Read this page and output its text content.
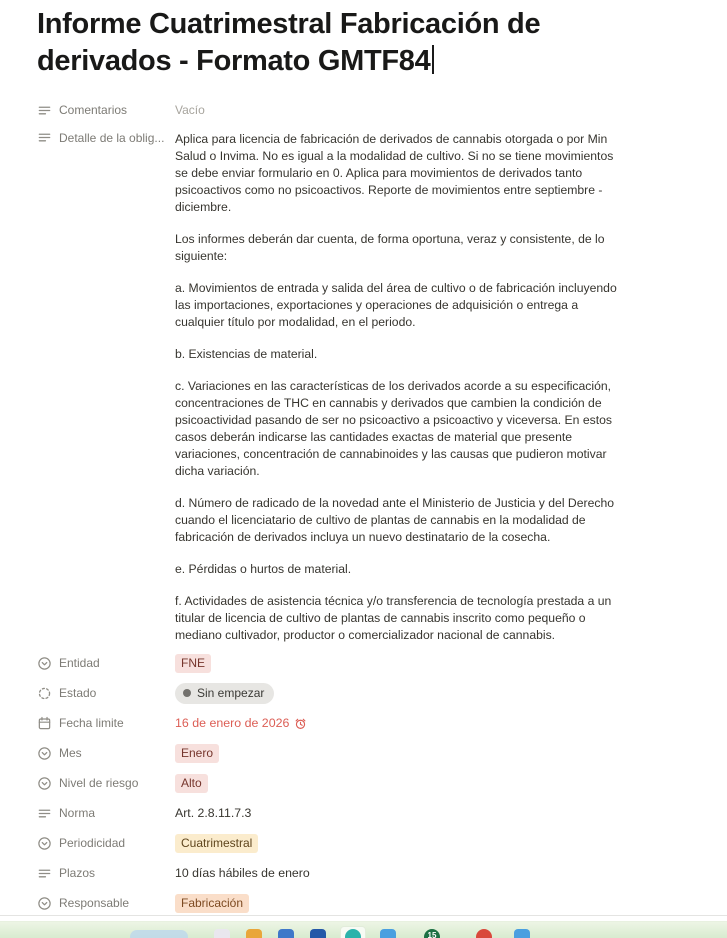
Informe Cuatrimestral Fabricación de derivados - Formato GMTF84
Comentarios	Vacío
Detalle de la oblig... Aplica para licencia de fabricación de derivados de cannabis otorgada o por Min Salud o Invima. No es igual a la modalidad de cultivo. Si no se tiene movimientos se debe enviar formulario en 0. Aplica para movimientos de derivados tanto psicoactivos como no psicoactivos. Reporte de movimientos entre septiembre - diciembre.

Los informes deberán dar cuenta, de forma oportuna, veraz y consistente, de lo siguiente:

a. Movimientos de entrada y salida del área de cultivo o de fabricación incluyendo las importaciones, exportaciones y operaciones de adquisición o entrega a cualquier título por modalidad, en el periodo.

b. Existencias de material.

c. Variaciones en las características de los derivados acorde a su especificación, concentraciones de THC en cannabis y derivados que cambien la condición de psicoactividad pasando de ser no psicoactivo a psicoactivo y viceversa. En estos casos deberán indicarse las cantidades exactas de material que presente variaciones, concentración de cannabinoides y las causas que pudieron motivar dicha variación.

d. Número de radicado de la novedad ante el Ministerio de Justicia y del Derecho cuando el licenciatario de cultivo de plantas de cannabis en la modalidad de fabricación de derivados incluya un nuevo destinatario de la cosecha.

e. Pérdidas o hurtos de material.

f. Actividades de asistencia técnica y/o transferencia de tecnología prestada a un titular de licencia de cultivo de plantas de cannabis inscrito como pequeño o mediano cultivador, productor o comercializador nacional de cannabis.

Entidad	FNE
Estado	Sin empezar
Fecha limite	16 de enero de 2026
Mes	Enero
Nivel de riesgo	Alto
Norma	Art. 2.8.11.7.3
Periodicidad	Cuatrimestral
Plazos	10 días hábiles de enero
Responsable	Fabricación
15
